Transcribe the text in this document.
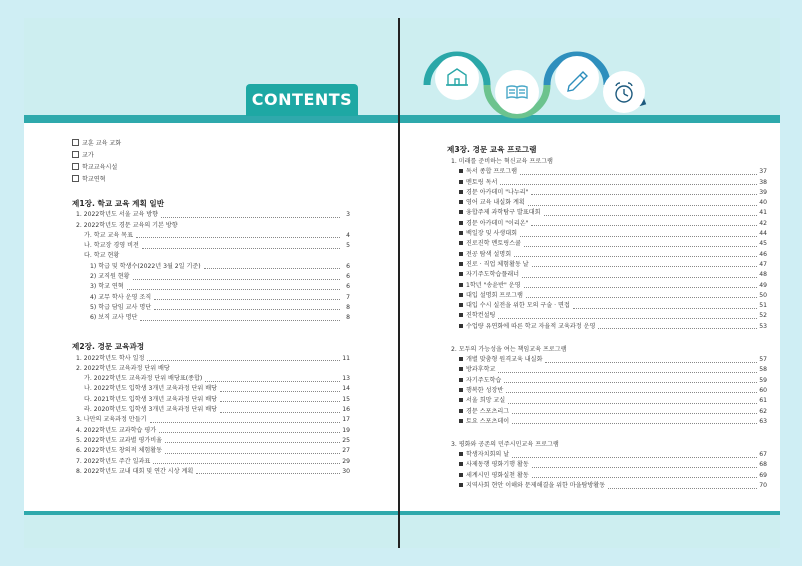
CONTENTS
교훈 교육 교화
교가
학교교육시설
학교연혁
제1장. 학교 교육 계획 일반
1. 2022학년도 서울 교육 방향	3
2. 2022학년도 경문 교육의 기본 방향
가. 학교 교육 목표	4
나. 학교장 경영 비전	5
다. 학교 현황
1) 학급 및 학생수(2022년 3월 2일 기준)	6
2) 교직원 현황	6
3) 학교 연혁	6
4) 교무 학사 운영 조직	7
5) 학급 담임 교사 명단	8
6) 보직 교사 명단	8
제2장. 경문 교육과정
1. 2022학년도 학사 일정	11
2. 2022학년도 교육과정 단위 배당
가. 2022학년도 교육과정 단위 배당표(종합)	13
나. 2022학년도 입학생 3개년 교육과정 단위 배당	14
다. 2021학년도 입학생 3개년 교육과정 단위 배당	15
라. 2020학년도 입학생 3개년 교육과정 단위 배당	16
3. 나만의 교육과정 만들기	17
4. 2022학년도 교과학습 평가	19
5. 2022학년도 교과별 평가비율	25
6. 2022학년도 창의적 체험활동	27
7. 2022학년도 주간 일과표	29
8. 2022학년도 교내 대회 및 연간 시상 계획	30
제3장. 경문 교육 프로그램
1. 미래를 준비하는 혁신교육 프로그램
독서 종합 프로그램	37
멘토링 독서	38
경문 아카데미 "나누리"	39
영어 교육 내실화 계획	40
융합주제 과학탐구 발표대회	41
경문 아카데미 "이리온"	42
백일장 및 사생대회	44
진로진학 멘토링스쿨	45
전공 탐색 설명회	46
진로 · 직업 체험활동 날	47
자기주도학습플래너	48
1학년 "송윤반" 운영	49
대입 설명회 프로그램	50
대입 수시 실전을 위한 모의 구술 · 면접	51
진학컨설팅	52
수업량 유연화에 따른 학교 자율적 교육과정 운영	53
2. 모두의 가능성을 여는 책임교육 프로그램
개별 맞춤형 원격교육 내실화	57
방과후학교	58
자기주도학습	59
행복한 성장반	60
서울 희망 교실	61
경문 스포츠리그	62
토요 스포츠데이	63
3. 평화와 공존의 민주시민교육 프로그램
학생자치회의 날	67
사제동행 평화기행 활동	68
세계시민 평화실천 활동	69
지역사회 현안 이해와 문제해결을 위한 마을탐방활동	70
